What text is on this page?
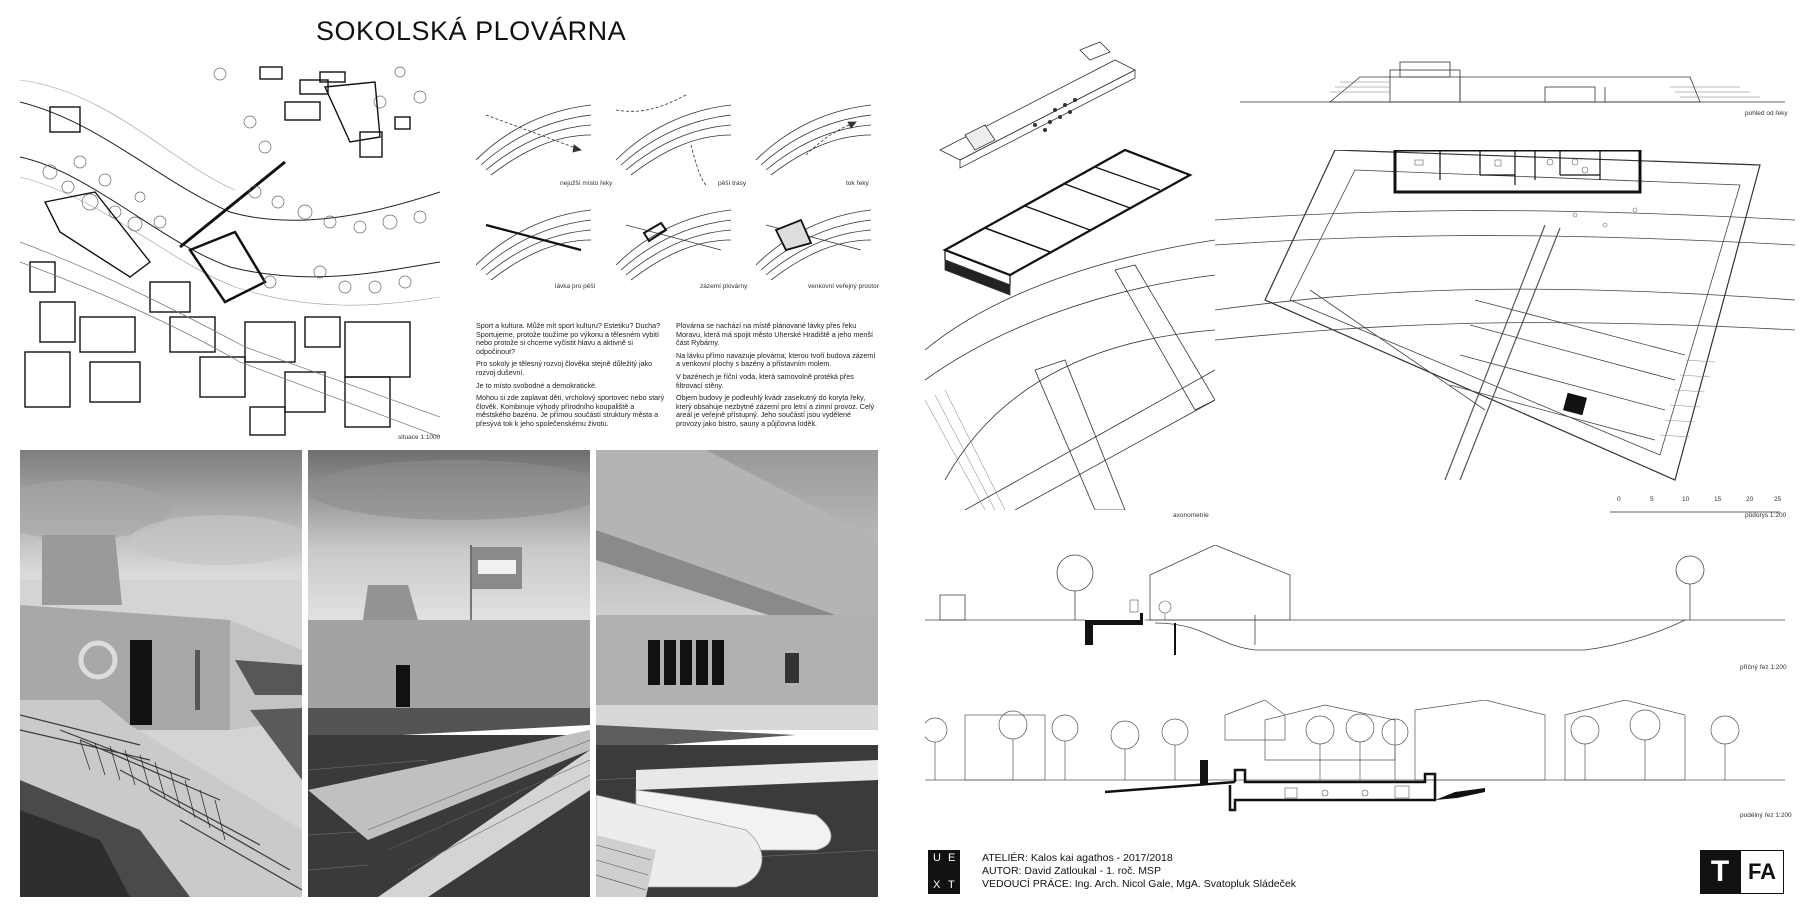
SOKOLSKÁ PLOVÁRNA
situace 1:1000
nejužší místo řeky	pěší trasy	tok řeky
lávka pro pěší	zázemí plovárny	venkovní veřejný prostor

Sport a kultura. Může mít sport kulturu? Estetiku? Ducha? Sportujeme, protože toužíme po výkonu a tělesném vybití nebo protože si chceme vyčistit hlavu a aktivně si odpočinout?

Pro sokoly je tělesný rozvoj člověka stejně důležitý jako rozvoj duševní.

Je to místo svobodné a demokratické.

Mohou si zde zaplavat děti, vrcholový sportovec nebo starý člověk. Kombinuje výhody přírodního koupaliště a městského bazénu. Je přímou součástí struktury města a přesývá tok k jeho společenskému životu.

Plovárna se nachází na místě plánované lávky přes řeku Moravu, která má spojit město Uherské Hradiště a jeho menší část Rybárny.

Na lávku přímo navazuje plovárna, kterou tvoří budova zázemí a venkovní plochy s bazény a přístavním molem.

V bazénech je říční voda, která samovolně protéká přes filtrovací stěny.

Objem budovy je podleuhlý kvádr zasekutný do koryta řeky, který obsahuje nezbytné zázemí pro letní a zimní provoz. Celý areál je veřejně přístupný. Jeho součástí jsou vydělené provozy jako bistro, sauny a půjčovna loděk.

axonometrie
pohled od řeky
0	5	10	15	20	25
půdorys 1:200
příčný řez 1:200
podélný řez 1:200
U E
X T
ATELIÉR: Kalos kai agathos - 2017/2018
AUTOR: David Zatloukal - 1. roč. MSP
VEDOUCÍ PRÁCE: Ing. Arch. Nicol Gale, MgA. Svatopluk Sládeček	T FA
